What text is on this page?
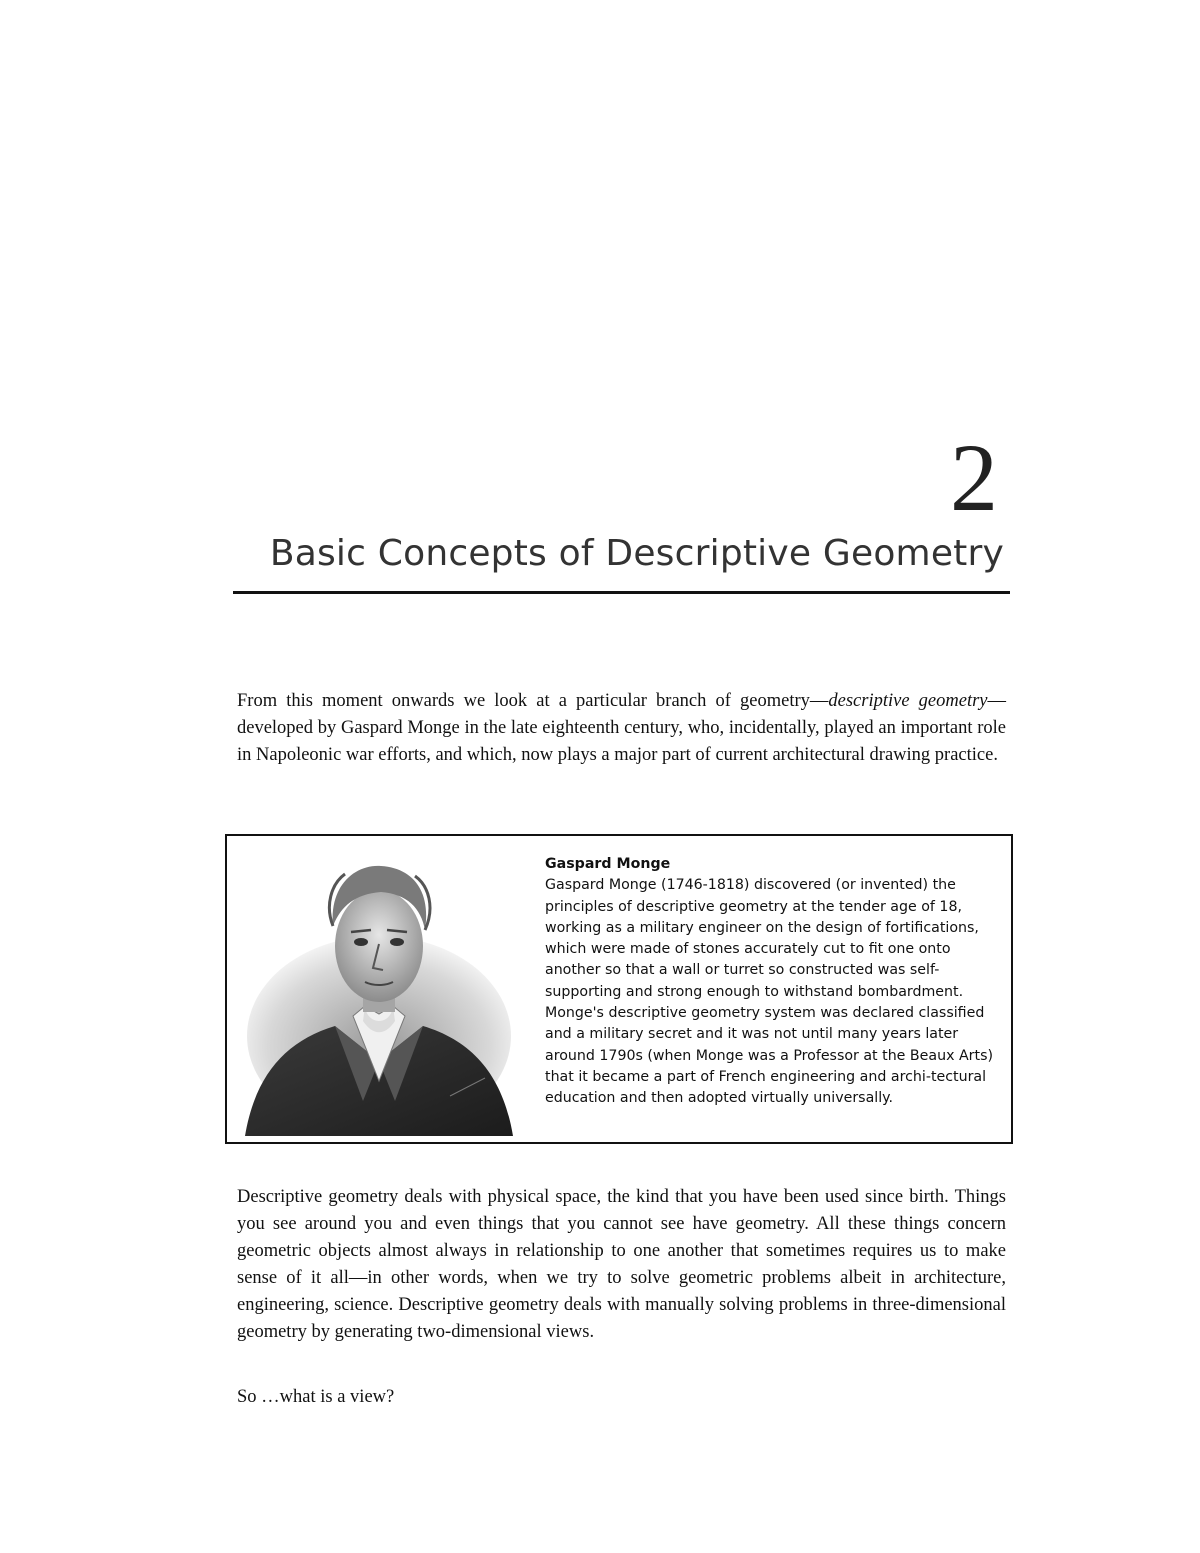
2
Basic Concepts of Descriptive Geometry

From this moment onwards we look at a particular branch of geometry—descriptive geometry—developed by Gaspard Monge in the late eighteenth century, who, incidentally, played an important role in Napoleonic war efforts, and which, now plays a major part of current architectural drawing practice.

Gaspard Monge
Gaspard Monge (1746-1818) discovered (or invented) the principles of descriptive geometry at the tender age of 18, working as a military engineer on the design of fortifications, which were made of stones accurately cut to fit one onto another so that a wall or turret so constructed was self-supporting and strong enough to withstand bombardment. Monge's descriptive geometry system was declared classified and a military secret and it was not until many years later around 1790s (when Monge was a Professor at the Beaux Arts) that it became a part of French engineering and archi-tectural education and then adopted virtually universally.

Descriptive geometry deals with physical space, the kind that you have been used since birth. Things you see around you and even things that you cannot see have geometry. All these things concern geometric objects almost always in relationship to one another that sometimes requires us to make sense of it all—in other words, when we try to solve geometric problems albeit in architecture, engineering, science. Descriptive geometry deals with manually solving problems in three-dimensional geometry by generating two-dimensional views.

So …what is a view?
